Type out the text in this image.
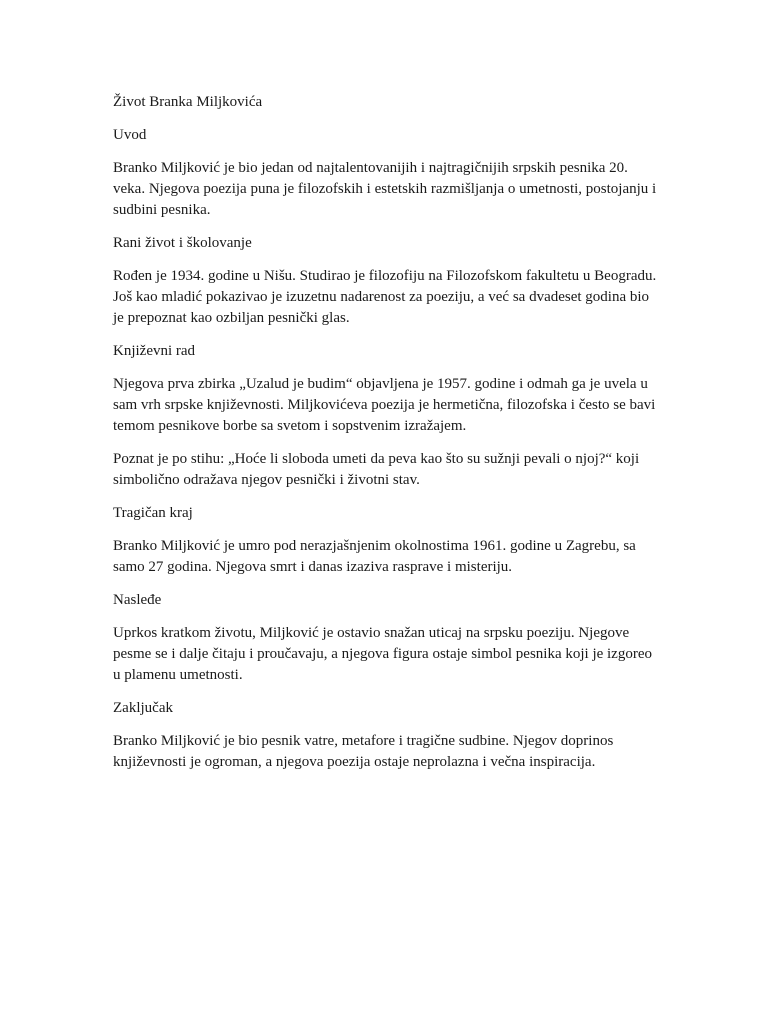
Život Branka Miljkovića

Uvod

Branko Miljković je bio jedan od najtalentovanijih i najtragičnijih srpskih pesnika 20. veka. Njegova poezija puna je filozofskih i estetskih razmišljanja o umetnosti, postojanju i sudbini pesnika.

Rani život i školovanje

Rođen je 1934. godine u Nišu. Studirao je filozofiju na Filozofskom fakultetu u Beogradu. Još kao mladić pokazivao je izuzetnu nadarenost za poeziju, a već sa dvadeset godina bio je prepoznat kao ozbiljan pesnički glas.

Književni rad

Njegova prva zbirka „Uzalud je budim“ objavljena je 1957. godine i odmah ga je uvela u sam vrh srpske književnosti. Miljkovićeva poezija je hermetična, filozofska i često se bavi temom pesnikove borbe sa svetom i sopstvenim izražajem.

Poznat je po stihu: „Hoće li sloboda umeti da peva kao što su sužnji pevali o njoj?“ koji simbolično odražava njegov pesnički i životni stav.

Tragičan kraj

Branko Miljković je umro pod nerazjašnjenim okolnostima 1961. godine u Zagrebu, sa samo 27 godina. Njegova smrt i danas izaziva rasprave i misteriju.

Nasleđe

Uprkos kratkom životu, Miljković je ostavio snažan uticaj na srpsku poeziju. Njegove pesme se i dalje čitaju i proučavaju, a njegova figura ostaje simbol pesnika koji je izgoreo u plamenu umetnosti.

Zaključak

Branko Miljković je bio pesnik vatre, metafore i tragične sudbine. Njegov doprinos književnosti je ogroman, a njegova poezija ostaje neprolazna i večna inspiracija.
